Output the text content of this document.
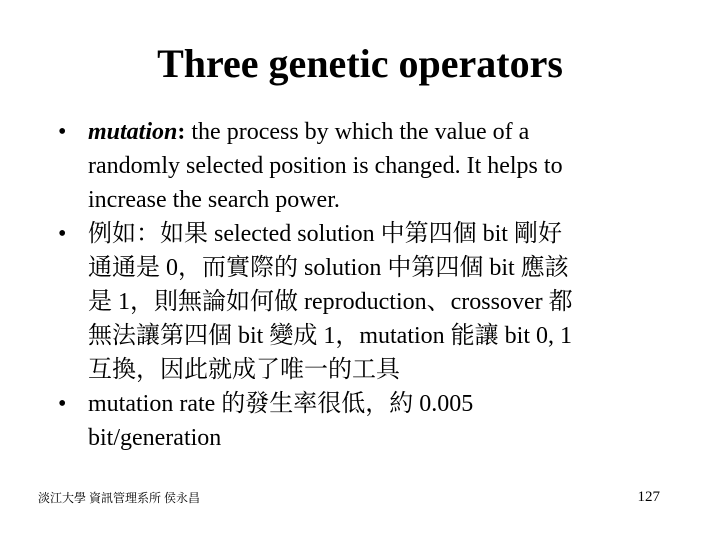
Three genetic operators
• mutation: the process by which the value of a
randomly selected position is changed. It helps to
increase the search power.
• 例如：如果 selected solution 中第四個 bit 剛好
通通是 0，而實際的 solution 中第四個 bit 應該
是 1，則無論如何做 reproduction、crossover 都
無法讓第四個 bit 變成 1，mutation 能讓 bit 0, 1
互換，因此就成了唯一的工具
• mutation rate 的發生率很低，約 0.005
bit/generation
淡江大學 資訊管理系所 侯永昌	127
